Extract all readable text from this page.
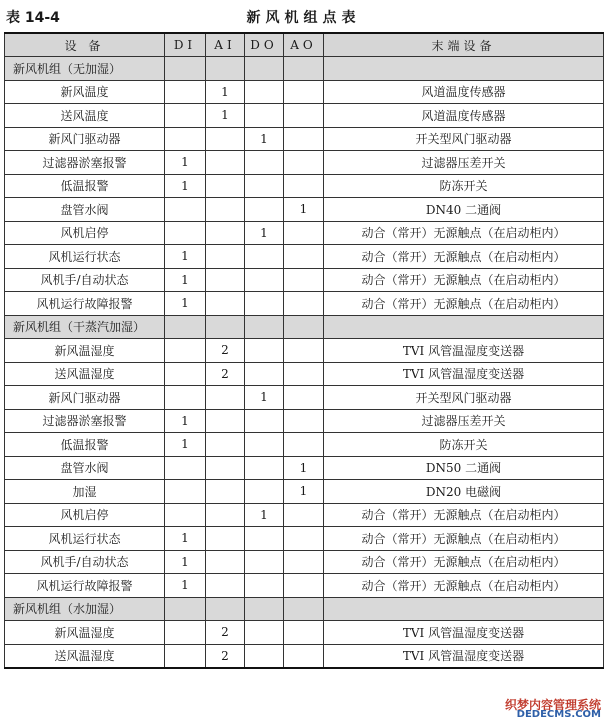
表 14-4	新风机组点表
设 备	DI	AI	DO	AO	末端设备
新风机组（无加湿）					
新风温度		1			风道温度传感器
送风温度		1			风道温度传感器
新风门驱动器			1		开关型风门驱动器
过滤器淤塞报警	1				过滤器压差开关
低温报警	1				防冻开关
盘管水阀				1	DN40 二通阀
风机启停			1		动合（常开）无源触点（在启动柜内）
风机运行状态	1				动合（常开）无源触点（在启动柜内）
风机手/自动状态	1				动合（常开）无源触点（在启动柜内）
风机运行故障报警	1				动合（常开）无源触点（在启动柜内）
新风机组（干蒸汽加湿）					
新风温湿度		2			TVI 风管温湿度变送器
送风温湿度		2			TVI 风管温湿度变送器
新风门驱动器			1		开关型风门驱动器
过滤器淤塞报警	1				过滤器压差开关
低温报警	1				防冻开关
盘管水阀				1	DN50 二通阀
加湿				1	DN20 电磁阀
风机启停			1		动合（常开）无源触点（在启动柜内）
风机运行状态	1				动合（常开）无源触点（在启动柜内）
风机手/自动状态	1				动合（常开）无源触点（在启动柜内）
风机运行故障报警	1				动合（常开）无源触点（在启动柜内）
新风机组（水加湿）					
新风温湿度		2			TVI 风管温湿度变送器
送风温湿度		2			TVI 风管温湿度变送器
织梦内容管理系统
DEDECMS.COM
